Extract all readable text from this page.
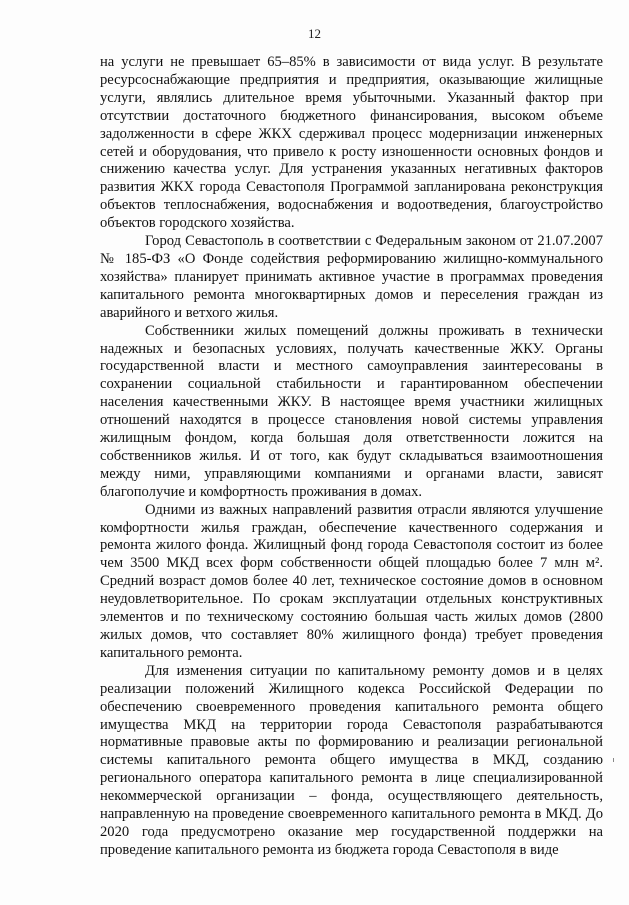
12

на услуги не превышает 65–85% в зависимости от вида услуг. В результате ресурсоснабжающие предприятия и предприятия, оказывающие жилищные услуги, являлись длительное время убыточными. Указанный фактор при отсутствии достаточного бюджетного финансирования, высоком объеме задолженности в сфере ЖКХ сдерживал процесс модернизации инженерных сетей и оборудования, что привело к росту изношенности основных фондов и снижению качества услуг. Для устранения указанных негативных факторов развития ЖКХ города Севастополя Программой запланирована реконструкция объектов теплоснабжения, водоснабжения и водоотведения, благоустройство объектов городского хозяйства.

Город Севастополь в соответствии с Федеральным законом от 21.07.2007 № 185-ФЗ «О Фонде содействия реформированию жилищно-коммунального хозяйства» планирует принимать активное участие в программах проведения капитального ремонта многоквартирных домов и переселения граждан из аварийного и ветхого жилья.

Собственники жилых помещений должны проживать в технически надежных и безопасных условиях, получать качественные ЖКУ. Органы государственной власти и местного самоуправления заинтересованы в сохранении социальной стабильности и гарантированном обеспечении населения качественными ЖКУ. В настоящее время участники жилищных отношений находятся в процессе становления новой системы управления жилищным фондом, когда большая доля ответственности ложится на собственников жилья. И от того, как будут складываться взаимоотношения между ними, управляющими компаниями и органами власти, зависят благополучие и комфортность проживания в домах.

Одними из важных направлений развития отрасли являются улучшение комфортности жилья граждан, обеспечение качественного содержания и ремонта жилого фонда. Жилищный фонд города Севастополя состоит из более чем 3500 МКД всех форм собственности общей площадью более 7 млн м². Средний возраст домов более 40 лет, техническое состояние домов в основном неудовлетворительное. По срокам эксплуатации отдельных конструктивных элементов и по техническому состоянию большая часть жилых домов (2800 жилых домов, что составляет 80% жилищного фонда) требует проведения капитального ремонта.

Для изменения ситуации по капитальному ремонту домов и в целях реализации положений Жилищного кодекса Российской Федерации по обеспечению своевременного проведения капитального ремонта общего имущества МКД на территории города Севастополя разрабатываются нормативные правовые акты по формированию и реализации региональной системы капитального ремонта общего имущества в МКД, созданию регионального оператора капитального ремонта в лице специализированной некоммерческой организации – фонда, осуществляющего деятельность, направленную на проведение своевременного капитального ремонта в МКД. До 2020 года предусмотрено оказание мер государственной поддержки на проведение капитального ремонта из бюджета города Севастополя в виде
